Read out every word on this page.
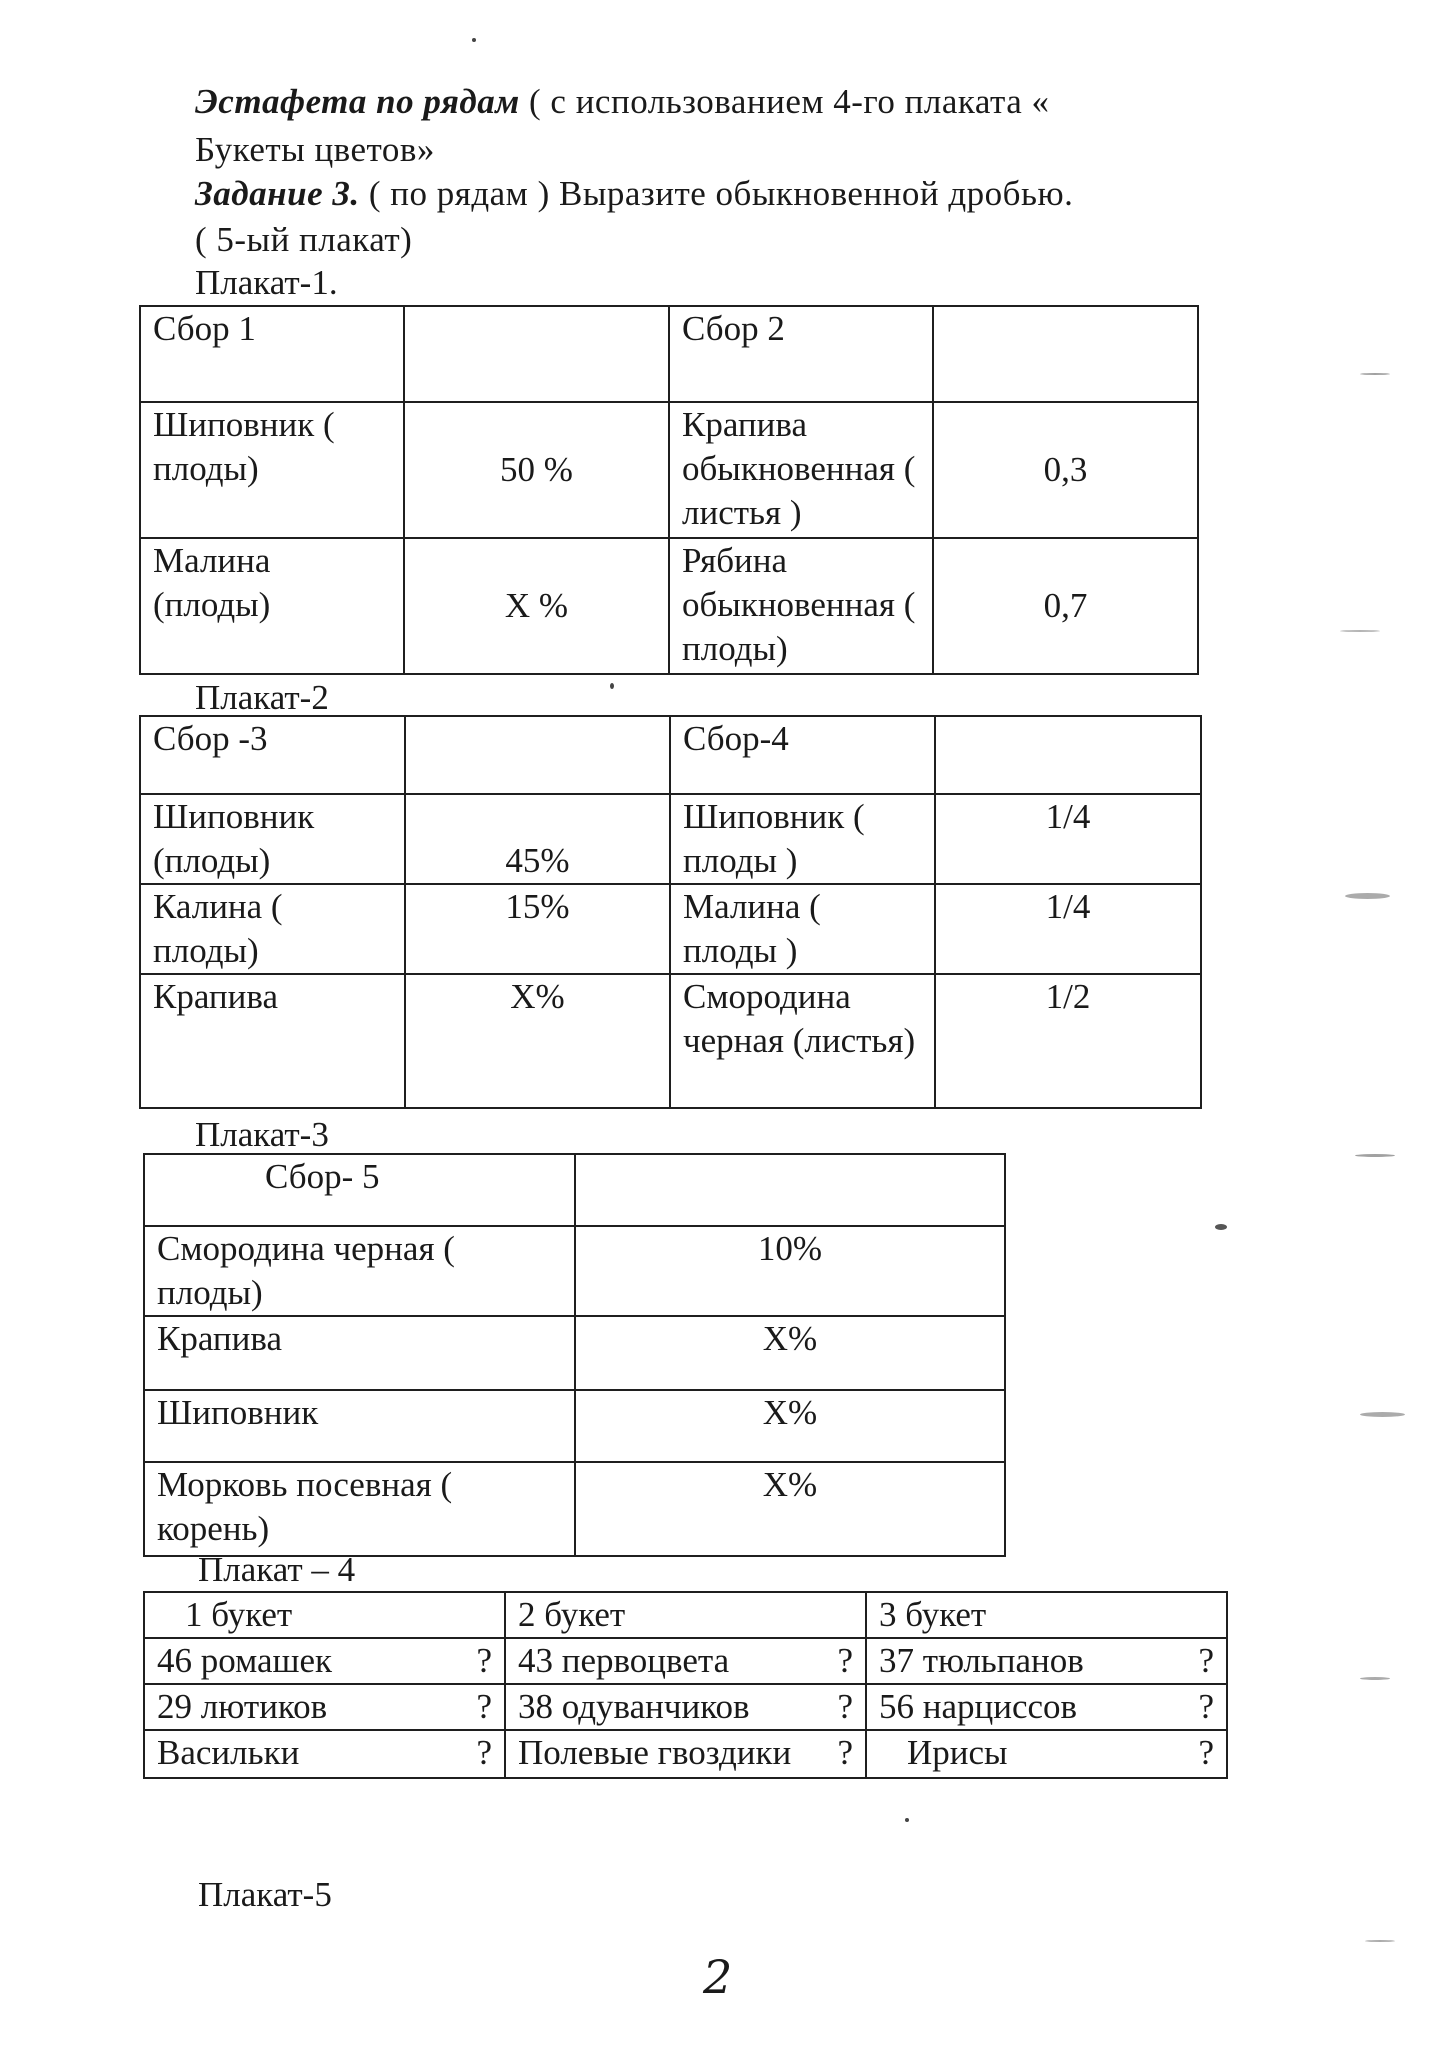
Эстафета по рядам ( с использованием 4-го плаката «
Букеты цветов»
Задание 3. ( по рядам ) Выразите обыкновенной дробью.
( 5-ый плакат)
Плакат-1.
Сбор 1		Сбор 2	
Шиповник ( плоды)	50 %	Крапива обыкновенная ( листья )	0,3
Малина (плоды)	Х %	Рябина обыкновенная ( плоды)	0,7
Плакат-2
Сбор -3		Сбор-4	
Шиповник (плоды)	45%	Шиповник ( плоды )	1/4
Калина ( плоды)	15%	Малина ( плоды )	1/4
Крапива	Х%	Смородина черная (листья)	1/2
Плакат-3
Сбор- 5	
Смородина черная ( плоды)	10%
Крапива	Х%
Шиповник	Х%
Морковь посевная ( корень)	Х%
Плакат – 4
1 букет	2 букет	3 букет
46 ромашек ?	43 первоцвета ?	37 тюльпанов ?

29 лютиков ?	38 одуванчиков ?	56 нарциссов ?

Васильки ?	Полевые гвоздики ?	Ирисы ?
Плакат-5
2
